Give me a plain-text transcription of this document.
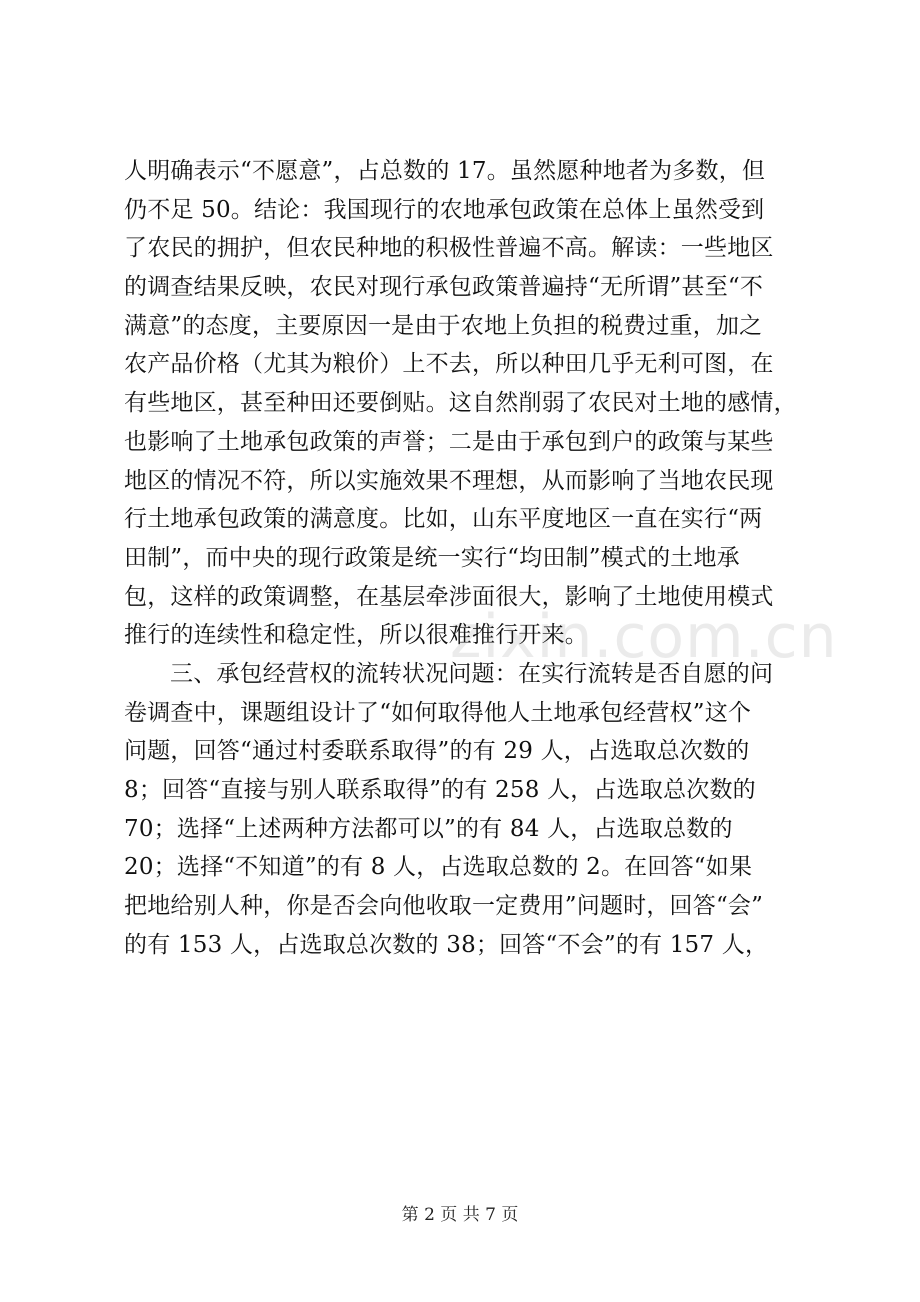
zixin.com.cn
人明确表示“不愿意”，占总数的 17。虽然愿种地者为多数，但
仍不足 50。结论：我国现行的农地承包政策在总体上虽然受到
了农民的拥护，但农民种地的积极性普遍不高。解读：一些地区
的调查结果反映，农民对现行承包政策普遍持“无所谓”甚至“不
满意”的态度，主要原因一是由于农地上负担的税费过重，加之
农产品价格（尤其为粮价）上不去，所以种田几乎无利可图，在
有些地区，甚至种田还要倒贴。这自然削弱了农民对土地的感情，
也影响了土地承包政策的声誉；二是由于承包到户的政策与某些
地区的情况不符，所以实施效果不理想，从而影响了当地农民现
行土地承包政策的满意度。比如，山东平度地区一直在实行“两
田制”，而中央的现行政策是统一实行“均田制”模式的土地承
包，这样的政策调整，在基层牵涉面很大，影响了土地使用模式
推行的连续性和稳定性，所以很难推行开来。
三、承包经营权的流转状况问题：在实行流转是否自愿的问
卷调查中，课题组设计了“如何取得他人土地承包经营权”这个
问题，回答“通过村委联系取得”的有 29 人，占选取总次数的
8；回答“直接与别人联系取得”的有 258 人，占选取总次数的
70；选择“上述两种方法都可以”的有 84 人，占选取总数的
20；选择“不知道”的有 8 人，占选取总数的 2。在回答“如果
把地给别人种，你是否会向他收取一定费用”问题时，回答“会”
的有 153 人，占选取总次数的 38；回答“不会”的有 157 人，
第 2 页 共 7 页
